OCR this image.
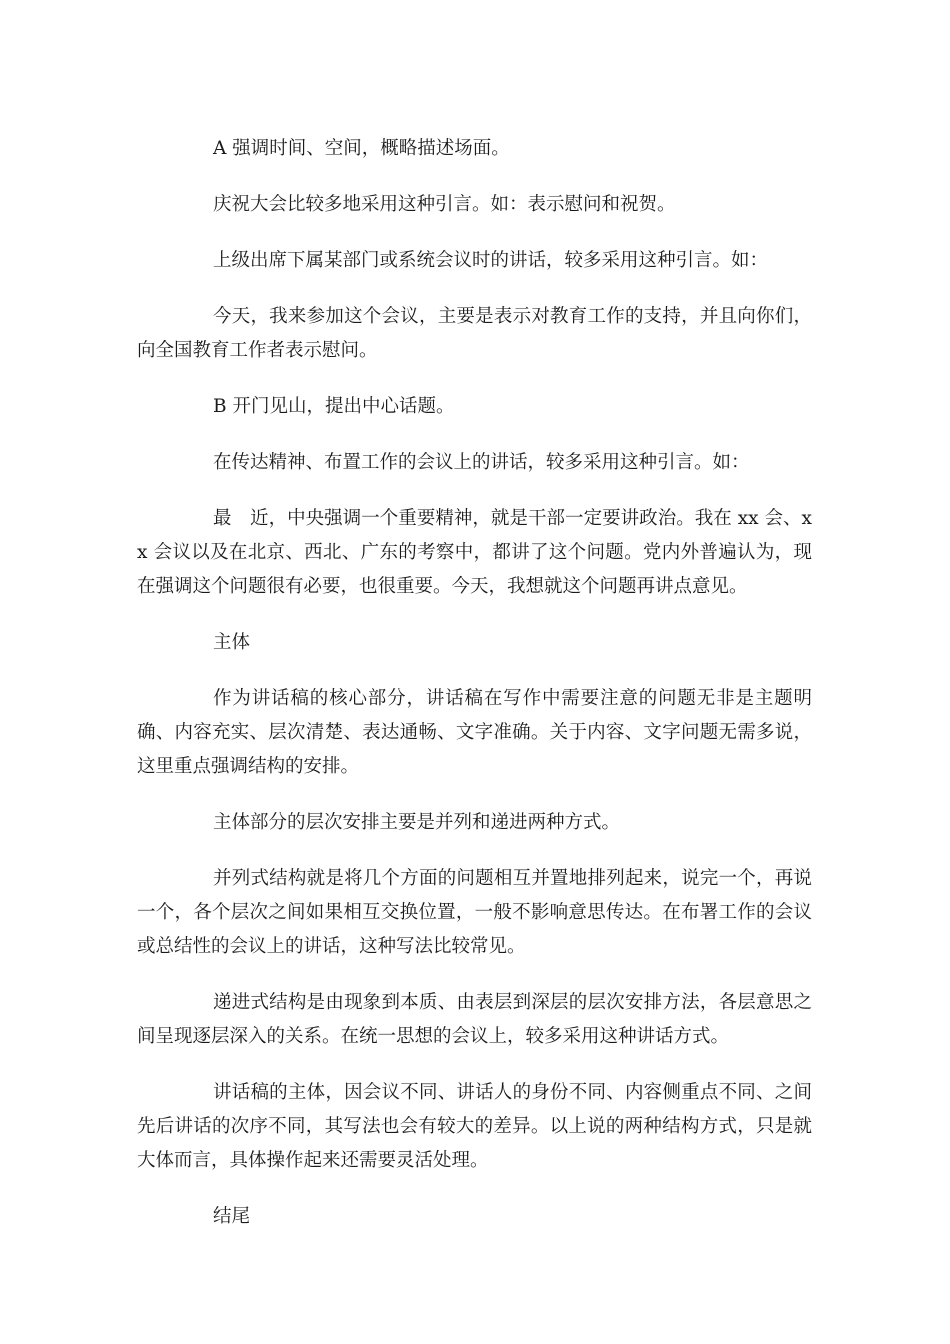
A 强调时间、空间，概略描述场面。

庆祝大会比较多地采用这种引言。如：表示慰问和祝贺。

上级出席下属某部门或系统会议时的讲话，较多采用这种引言。如：

今天，我来参加这个会议，主要是表示对教育工作的支持，并且向你们，向全国教育工作者表示慰问。

B 开门见山，提出中心话题。

在传达精神、布置工作的会议上的讲话，较多采用这种引言。如：

最　近，中央强调一个重要精神，就是干部一定要讲政治。我在 xx 会、xx 会议以及在北京、西北、广东的考察中，都讲了这个问题。党内外普遍认为，现在强调这个问题很有必要，也很重要。今天，我想就这个问题再讲点意见。

主体

作为讲话稿的核心部分，讲话稿在写作中需要注意的问题无非是主题明确、内容充实、层次清楚、表达通畅、文字准确。关于内容、文字问题无需多说，这里重点强调结构的安排。

主体部分的层次安排主要是并列和递进两种方式。

并列式结构就是将几个方面的问题相互并置地排列起来，说完一个，再说一个，各个层次之间如果相互交换位置，一般不影响意思传达。在布署工作的会议或总结性的会议上的讲话，这种写法比较常见。

递进式结构是由现象到本质、由表层到深层的层次安排方法，各层意思之间呈现逐层深入的关系。在统一思想的会议上，较多采用这种讲话方式。

讲话稿的主体，因会议不同、讲话人的身份不同、内容侧重点不同、之间先后讲话的次序不同，其写法也会有较大的差异。以上说的两种结构方式，只是就大体而言，具体操作起来还需要灵活处理。

结尾
